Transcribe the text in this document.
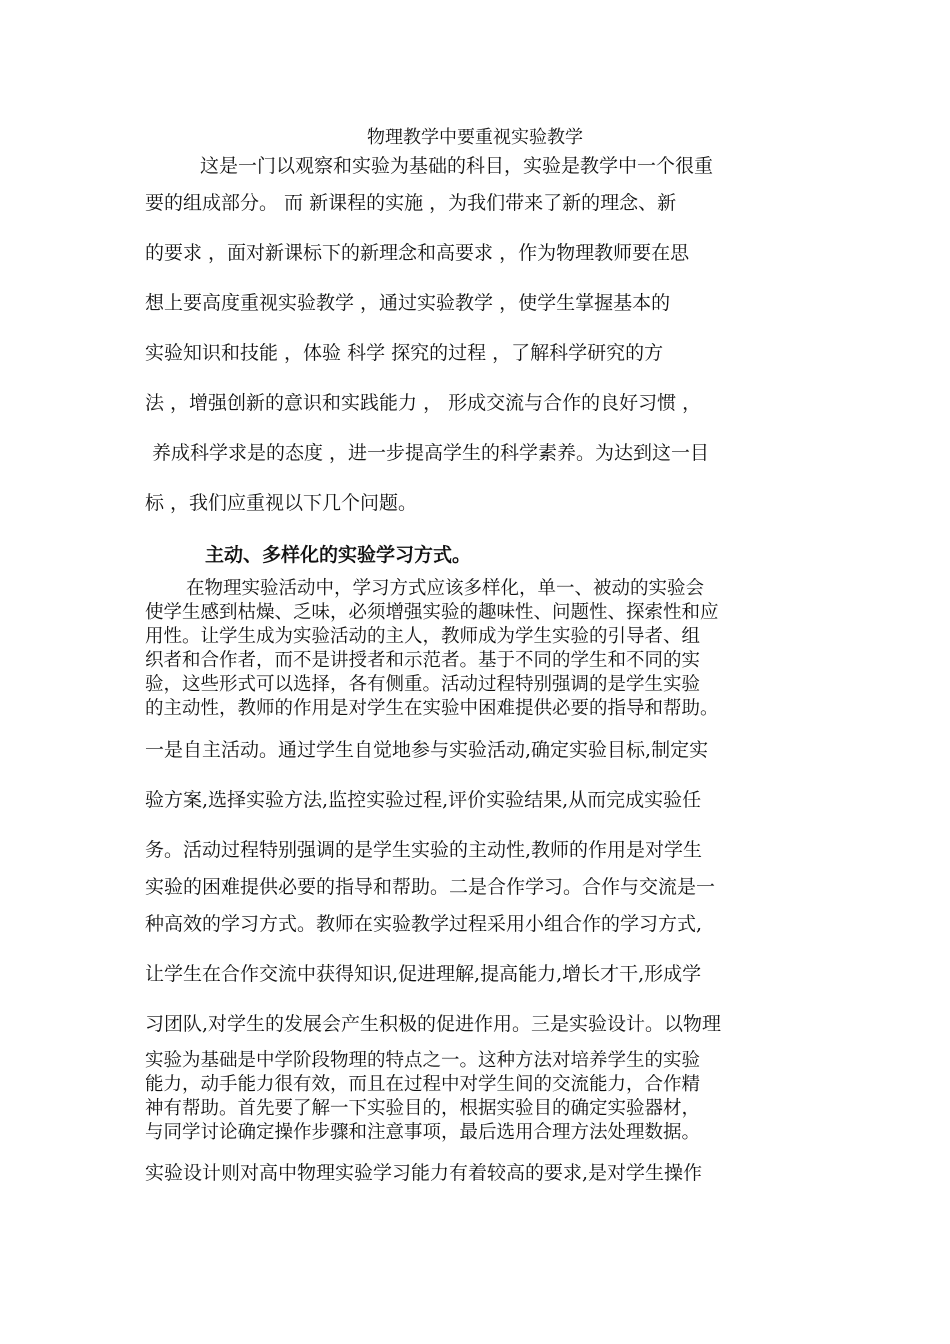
物理教学中要重视实验教学

这是一门以观察和实验为基础的科目，实验是教学中一个很重

要的组成部分。 而 新课程的实施 ，为我们带来了新的理念、新

的要求 ，面对新课标下的新理念和高要求 ，作为物理教师要在思

想上要高度重视实验教学 ，通过实验教学 ，使学生掌握基本的

实验知识和技能 ，体验 科学 探究的过程 ，了解科学研究的方

法 ，增强创新的意识和实践能力 ， 形成交流与合作的良好习惯 ，

养成科学求是的态度 ，进一步提高学生的科学素养。为达到这一目

标 ，我们应重视以下几个问题。

主动、多样化的实验学习方式。

在物理实验活动中，学习方式应该多样化，单一、被动的实验会

使学生感到枯燥、乏味，必须增强实验的趣味性、问题性、探索性和应

用性。让学生成为实验活动的主人，教师成为学生实验的引导者、组

织者和合作者，而不是讲授者和示范者。基于不同的学生和不同的实

验，这些形式可以选择，各有侧重。活动过程特别强调的是学生实验

的主动性，教师的作用是对学生在实验中困难提供必要的指导和帮助。

一是自主活动。通过学生自觉地参与实验活动,确定实验目标,制定实

验方案,选择实验方法,监控实验过程,评价实验结果,从而完成实验任

务。活动过程特别强调的是学生实验的主动性,教师的作用是对学生

实验的困难提供必要的指导和帮助。二是合作学习。合作与交流是一

种高效的学习方式。教师在实验教学过程采用小组合作的学习方式,

让学生在合作交流中获得知识,促进理解,提高能力,增长才干,形成学

习团队,对学生的发展会产生积极的促进作用。三是实验设计。以物理

实验为基础是中学阶段物理的特点之一。这种方法对培养学生的实验

能力，动手能力很有效，而且在过程中对学生间的交流能力，合作精

神有帮助。首先要了解一下实验目的，根据实验目的确定实验器材，

与同学讨论确定操作步骤和注意事项，最后选用合理方法处理数据。

实验设计则对高中物理实验学习能力有着较高的要求,是对学生操作
